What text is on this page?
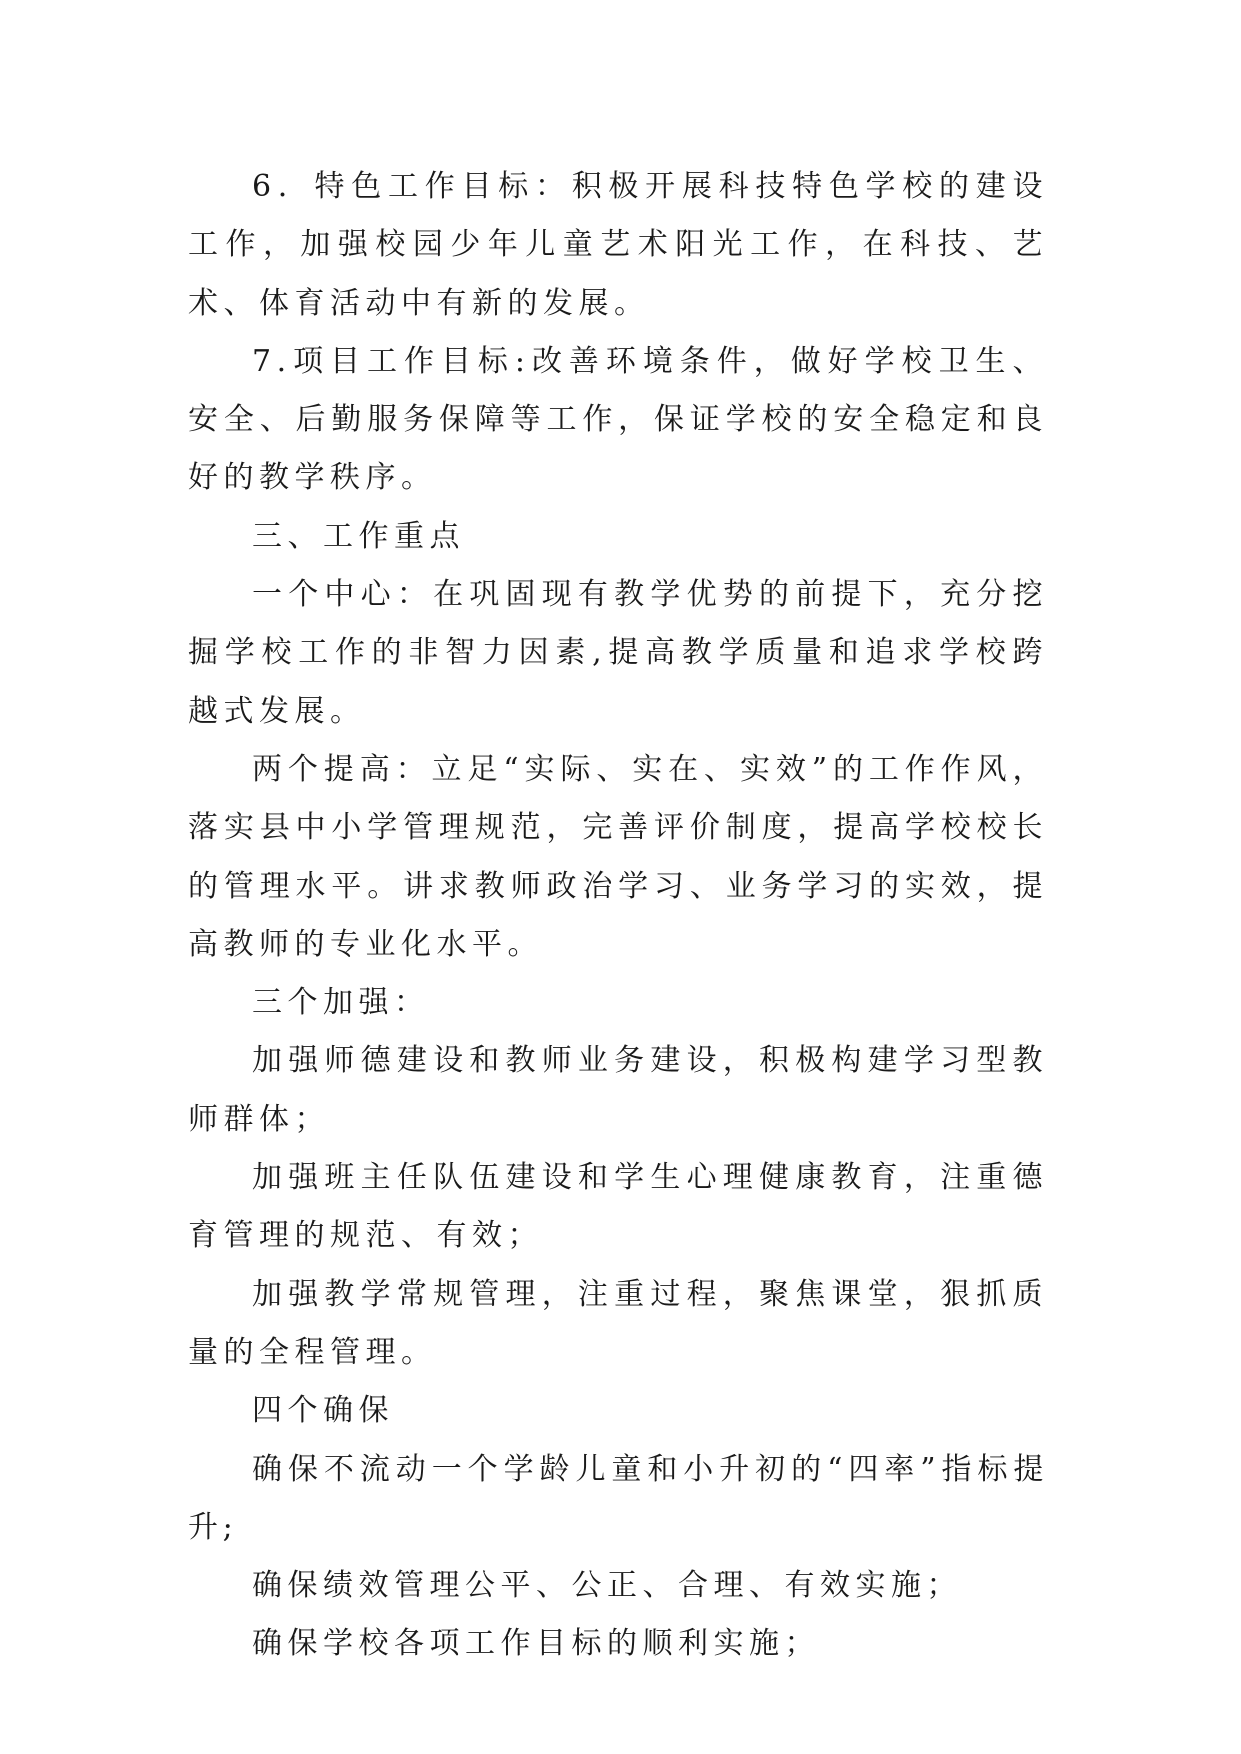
6．特色工作目标：积极开展科技特色学校的建设工作，加强校园少年儿童艺术阳光工作，在科技、艺术、体育活动中有新的发展。

7.项目工作目标:改善环境条件，做好学校卫生、安全、后勤服务保障等工作，保证学校的安全稳定和良好的教学秩序。

三、工作重点

一个中心：在巩固现有教学优势的前提下，充分挖掘学校工作的非智力因素,提高教学质量和追求学校跨越式发展。

两个提高：立足“实际、实在、实效”的工作作风，落实县中小学管理规范，完善评价制度，提高学校校长的管理水平。讲求教师政治学习、业务学习的实效，提高教师的专业化水平。

三个加强：

加强师德建设和教师业务建设，积极构建学习型教师群体；

加强班主任队伍建设和学生心理健康教育，注重德育管理的规范、有效；

加强教学常规管理，注重过程，聚焦课堂，狠抓质量的全程管理。

四个确保

确保不流动一个学龄儿童和小升初的“四率”指标提升;

确保绩效管理公平、公正、合理、有效实施；

确保学校各项工作目标的顺利实施；
